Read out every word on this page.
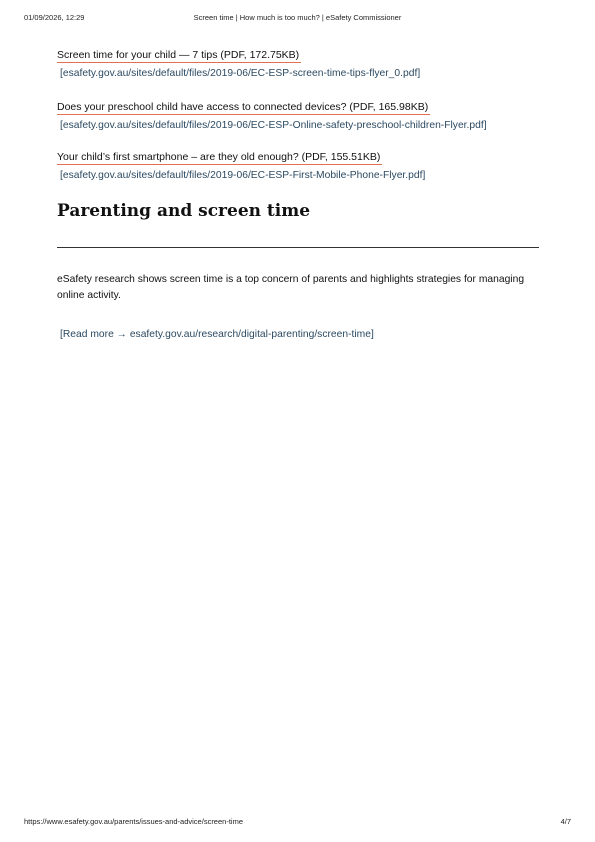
01/09/2026, 12:29	Screen time | How much is too much? | eSafety Commissioner
Screen time for your child — 7 tips (PDF, 172.75KB)
[esafety.gov.au/sites/default/files/2019-06/EC-ESP-screen-time-tips-flyer_0.pdf]
Does your preschool child have access to connected devices? (PDF, 165.98KB)
[esafety.gov.au/sites/default/files/2019-06/EC-ESP-Online-safety-preschool-children-Flyer.pdf]
Your child’s first smartphone – are they old enough? (PDF, 155.51KB)
[esafety.gov.au/sites/default/files/2019-06/EC-ESP-First-Mobile-Phone-Flyer.pdf]
Parenting and screen time

eSafety research shows screen time is a top concern of parents and highlights strategies for managing online activity.

[Read more → esafety.gov.au/research/digital-parenting/screen-time]
https://www.esafety.gov.au/parents/issues-and-advice/screen-time	4/7
